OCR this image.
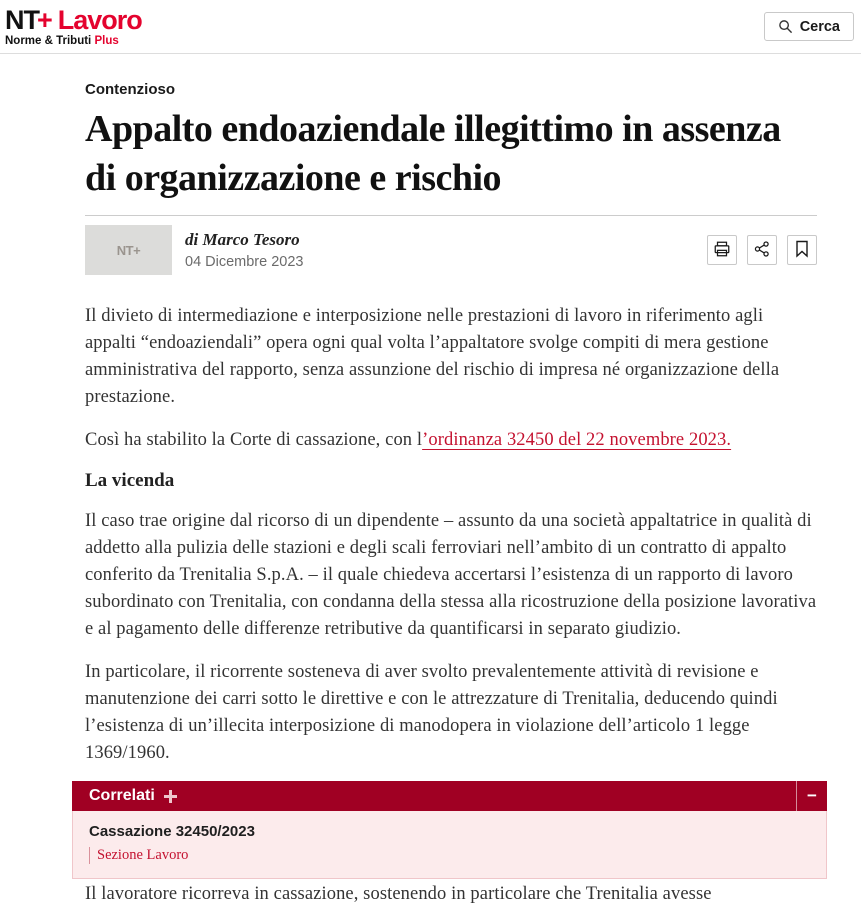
NT+ Lavoro
Norme & Tributi Plus
Cerca
Contenzioso
Appalto endoaziendale illegittimo in assenza di organizzazione e rischio
NT+
di Marco Tesoro
04 Dicembre 2023

Il divieto di intermediazione e interposizione nelle prestazioni di lavoro in riferimento agli appalti “endoaziendali” opera ogni qual volta l’appaltatore svolge compiti di mera gestione amministrativa del rapporto, senza assunzione del rischio di impresa né organizzazione della prestazione.

Così ha stabilito la Corte di cassazione, con l’ordinanza 32450 del 22 novembre 2023.

La vicenda

Il caso trae origine dal ricorso di un dipendente – assunto da una società appaltatrice in qualità di addetto alla pulizia delle stazioni e degli scali ferroviari nell’ambito di un contratto di appalto conferito da Trenitalia S.p.A. – il quale chiedeva accertarsi l’esistenza di un rapporto di lavoro subordinato con Trenitalia, con condanna della stessa alla ricostruzione della posizione lavorativa e al pagamento delle differenze retributive da quantificarsi in separato giudizio.

In particolare, il ricorrente sosteneva di aver svolto prevalentemente attività di revisione e manutenzione dei carri sotto le direttive e con le attrezzature di Trenitalia, deducendo quindi l’esistenza di un’illecita interposizione di manodopera in violazione dell’articolo 1 legge 1369/1960.

Correlati	−
Cassazione 32450/2023
Sezione Lavoro

Il lavoratore ricorreva in cassazione, sostenendo in particolare che Trenitalia avesse
